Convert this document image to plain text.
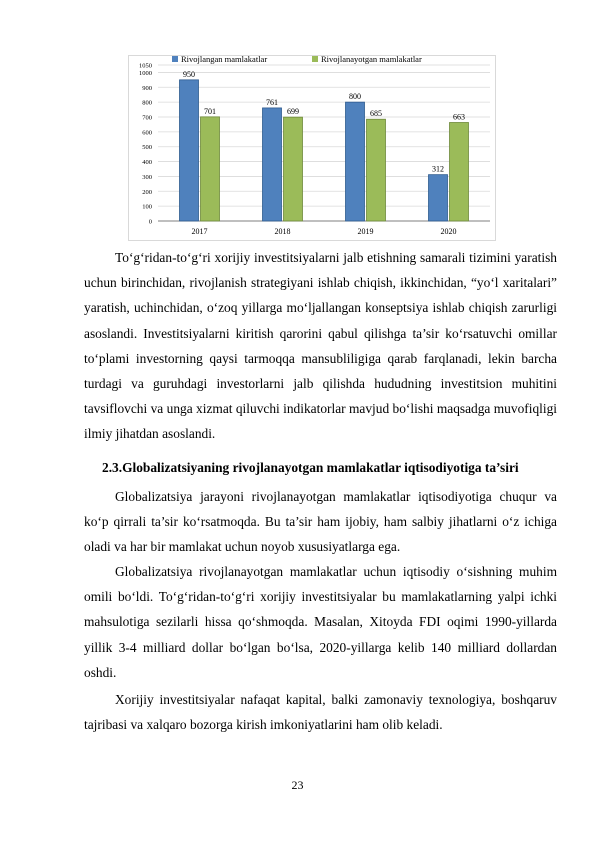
0
100
200
300
400
500
600
700
800
900
1000
1050
Rivojlangan mamlakatlar	Rivojlanayotgan mamlakatlar
950
701
2017
761
699
2018
800
685
2019
312
663
2020

To‘g‘ridan-to‘g‘ri xorijiy investitsiyalarni jalb etishning samarali tizimini yaratish uchun birinchidan, rivojlanish strategiyani ishlab chiqish, ikkinchidan, “yo‘l xaritalari” yaratish, uchinchidan, o‘zoq yillarga mo‘ljallangan konseptsiya ishlab chiqish zarurligi asoslandi. Investitsiyalarni kiritish qarorini qabul qilishga ta’sir ko‘rsatuvchi omillar to‘plami investorning qaysi tarmoqqa mansubliligiga qarab farqlanadi, lekin barcha turdagi va guruhdagi investorlarni jalb qilishda hududning investitsion muhitini tavsiflovchi va unga xizmat qiluvchi indikatorlar mavjud bo‘lishi maqsadga muvofiqligi ilmiy jihatdan asoslandi.

2.3.Globalizatsiyaning rivojlanayotgan mamlakatlar iqtisodiyotiga ta’siri

Globalizatsiya jarayoni rivojlanayotgan mamlakatlar iqtisodiyotiga chuqur va ko‘p qirrali ta’sir ko‘rsatmoqda. Bu ta’sir ham ijobiy, ham salbiy jihatlarni o‘z ichiga oladi va har bir mamlakat uchun noyob xususiyatlarga ega.

Globalizatsiya rivojlanayotgan mamlakatlar uchun iqtisodiy o‘sishning muhim omili bo‘ldi. To‘g‘ridan-to‘g‘ri xorijiy investitsiyalar bu mamlakatlarning yalpi ichki mahsulotiga sezilarli hissa qo‘shmoqda. Masalan, Xitoyda FDI oqimi 1990-yillarda yillik 3-4 milliard dollar bo‘lgan bo‘lsa, 2020-yillarga kelib 140 milliard dollardan oshdi.

Xorijiy investitsiyalar nafaqat kapital, balki zamonaviy texnologiya, boshqaruv tajribasi va xalqaro bozorga kirish imkoniyatlarini ham olib keladi.

23
